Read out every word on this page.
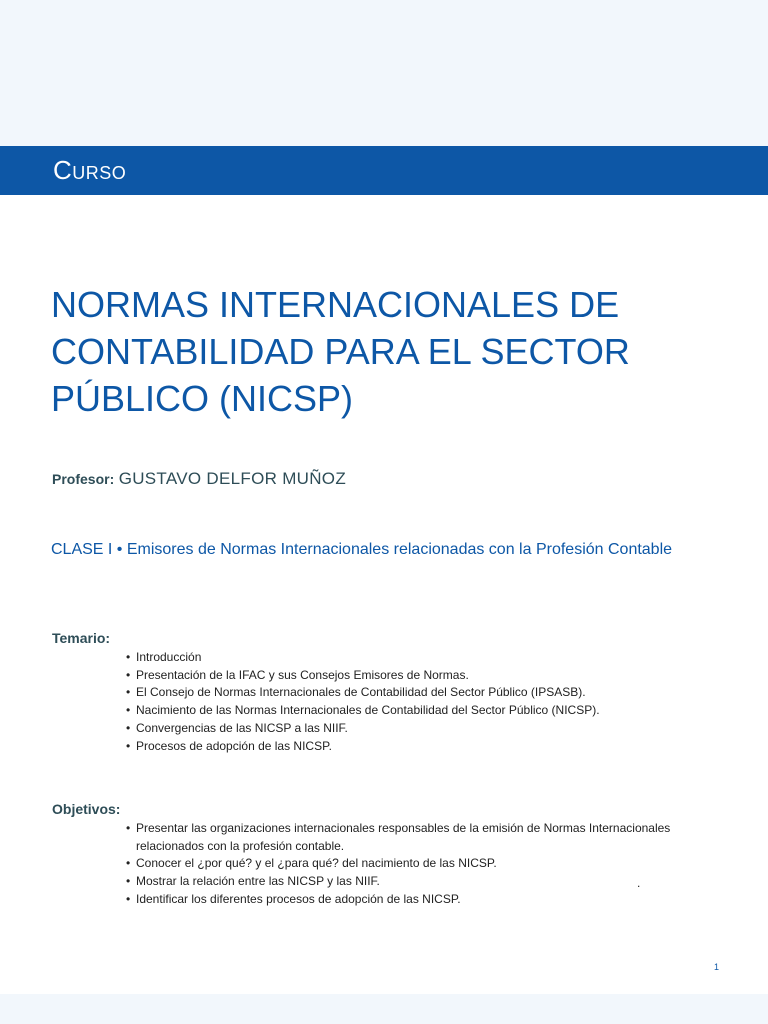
Curso
NORMAS INTERNACIONALES DE CONTABILIDAD PARA EL SECTOR PÚBLICO (NICSP)
Profesor: GUSTAVO DELFOR MUÑOZ
CLASE I • Emisores de Normas Internacionales relacionadas con la Profesión Contable
Temario:
• Introducción
• Presentación de la IFAC y sus Consejos Emisores de Normas.
• El Consejo de Normas Internacionales de Contabilidad del Sector Público (IPSASB).
• Nacimiento de las Normas Internacionales de Contabilidad del Sector Público (NICSP).
• Convergencias de las NICSP a las NIIF.
• Procesos de adopción de las NICSP.
Objetivos:
• Presentar las organizaciones internacionales responsables de la emisión de Normas Internacionales relacionados con la profesión contable.
• Conocer el ¿por qué? y el ¿para qué? del nacimiento de las NICSP.
• Mostrar la relación entre las NICSP y las NIIF.
• Identificar los diferentes procesos de adopción de las NICSP.
.
1
